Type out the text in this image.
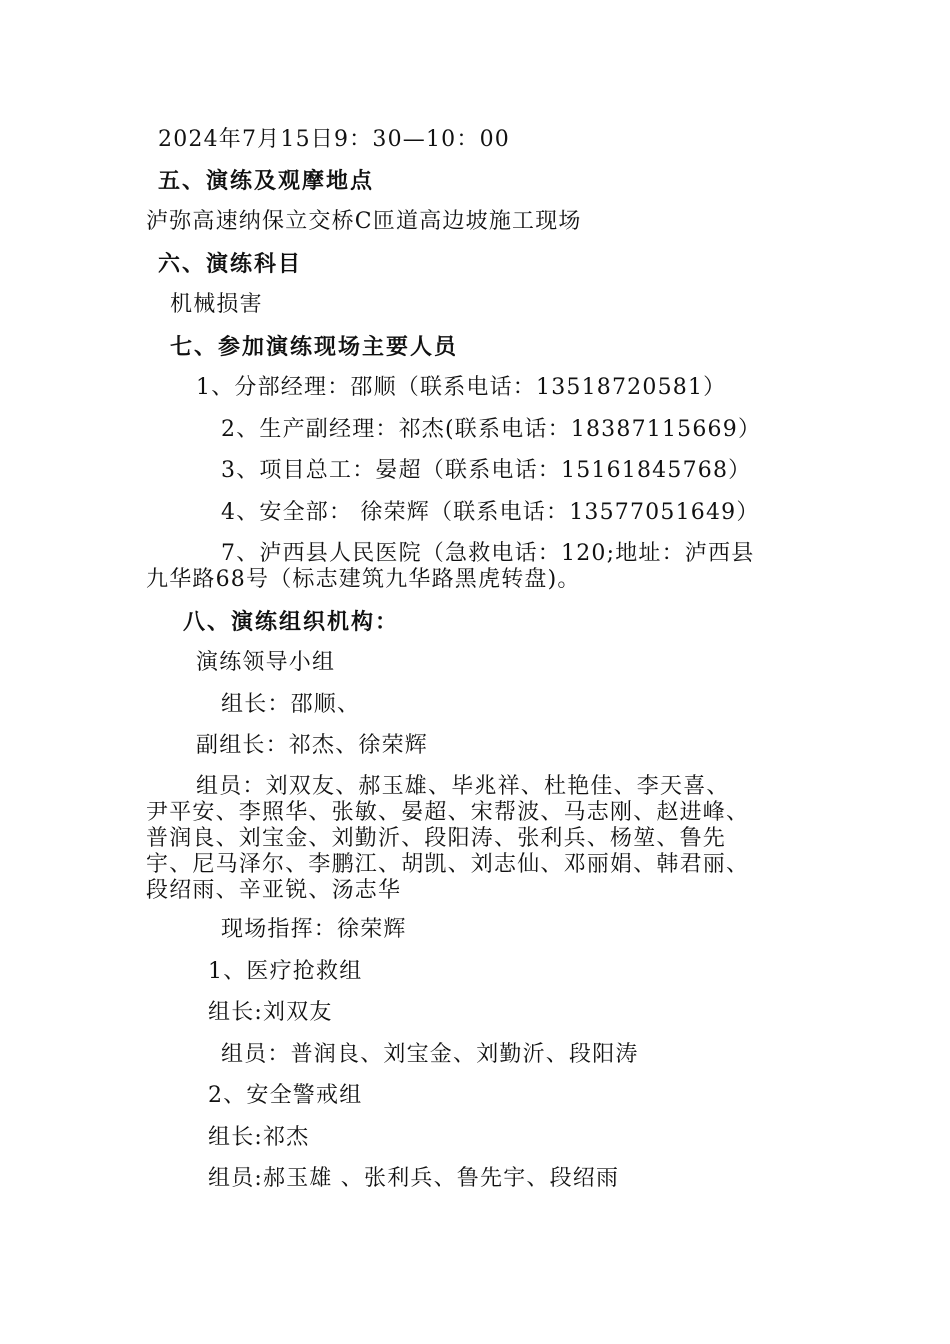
2024年7月15日9：30—10：00
五、演练及观摩地点
泸弥高速纳保立交桥C匝道高边坡施工现场
六、演练科目
机械损害
七、参加演练现场主要人员
1、分部经理：邵顺（联系电话：13518720581）
2、生产副经理：祁杰(联系电话：18387115669）
3、项目总工：晏超（联系电话：15161845768）
4、安全部： 徐荣辉（联系电话：13577051649）
7、泸西县人民医院（急救电话：120;地址：泸西县
九华路68号（标志建筑九华路黑虎转盘)。
八、演练组织机构：
演练领导小组
组长：邵顺、
副组长：祁杰、徐荣辉
组员：刘双友、郝玉雄、毕兆祥、杜艳佳、李天喜、
尹平安、李照华、张敏、晏超、宋帮波、马志刚、赵进峰、
普润良、刘宝金、刘勤沂、段阳涛、张利兵、杨堃、鲁先
宇、尼马泽尔、李鹏江、胡凯、刘志仙、邓丽娟、韩君丽、
段绍雨、辛亚锐、汤志华
现场指挥：徐荣辉
1、医疗抢救组
组长:刘双友
组员：普润良、刘宝金、刘勤沂、段阳涛
2、安全警戒组
组长:祁杰
组员:郝玉雄 、张利兵、鲁先宇、段绍雨
